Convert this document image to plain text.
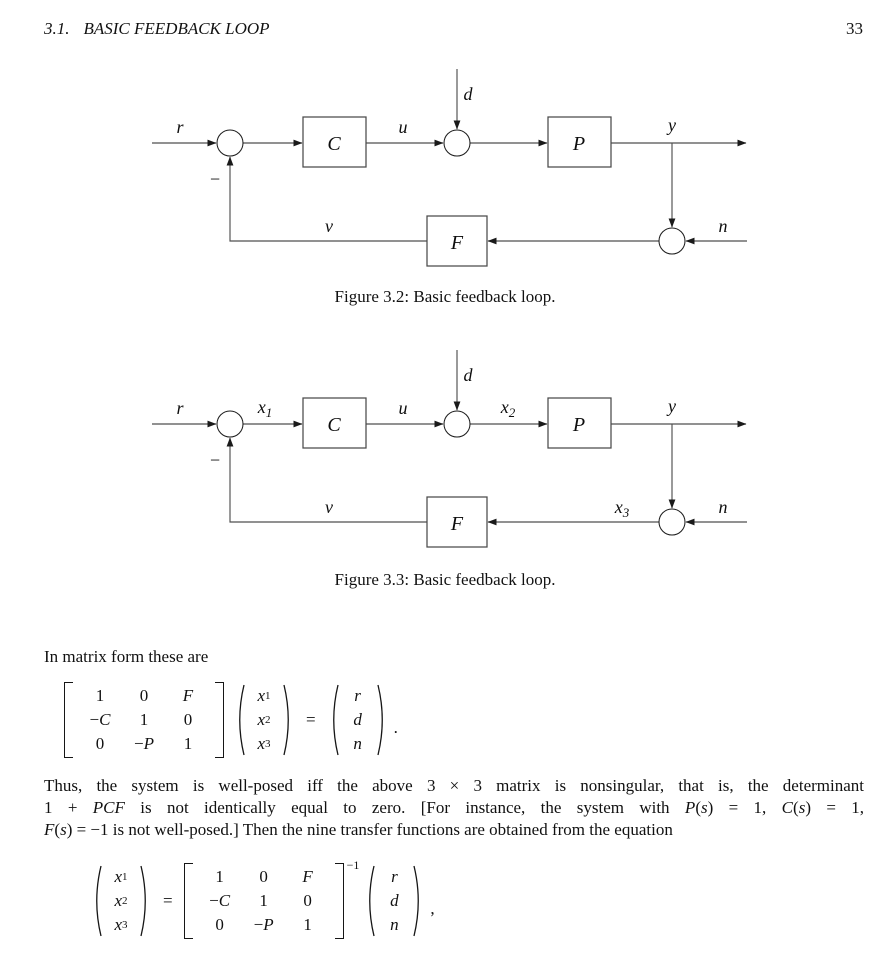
3.1. BASIC FEEDBACK LOOP	33
C	P
F
r	u
d
y
n
v
−
Figure 3.2: Basic feedback loop.
C	P
F
r	$x_1$	u
d
$x_2$	y
$x_3$	n
v
−
Figure 3.3: Basic feedback loop.
In matrix form these are
1 0 F
− C 1 0
0 − P 1
x 1
x 2
x 3
=
r
d
n
.
Thus, the system is well-posed iff the above 3 × 3 matrix is nonsingular, that is, the determinant
1 + PCF is not identically equal to zero. [For instance, the system with P(s) = 1, C(s) = 1,
F(s) = −1 is not well-posed.] Then the nine transfer functions are obtained from the equation
x 1
x 2
x 3
=
1 0 F
− C 1 0
0 − P 1
−1
r
d
n
,
